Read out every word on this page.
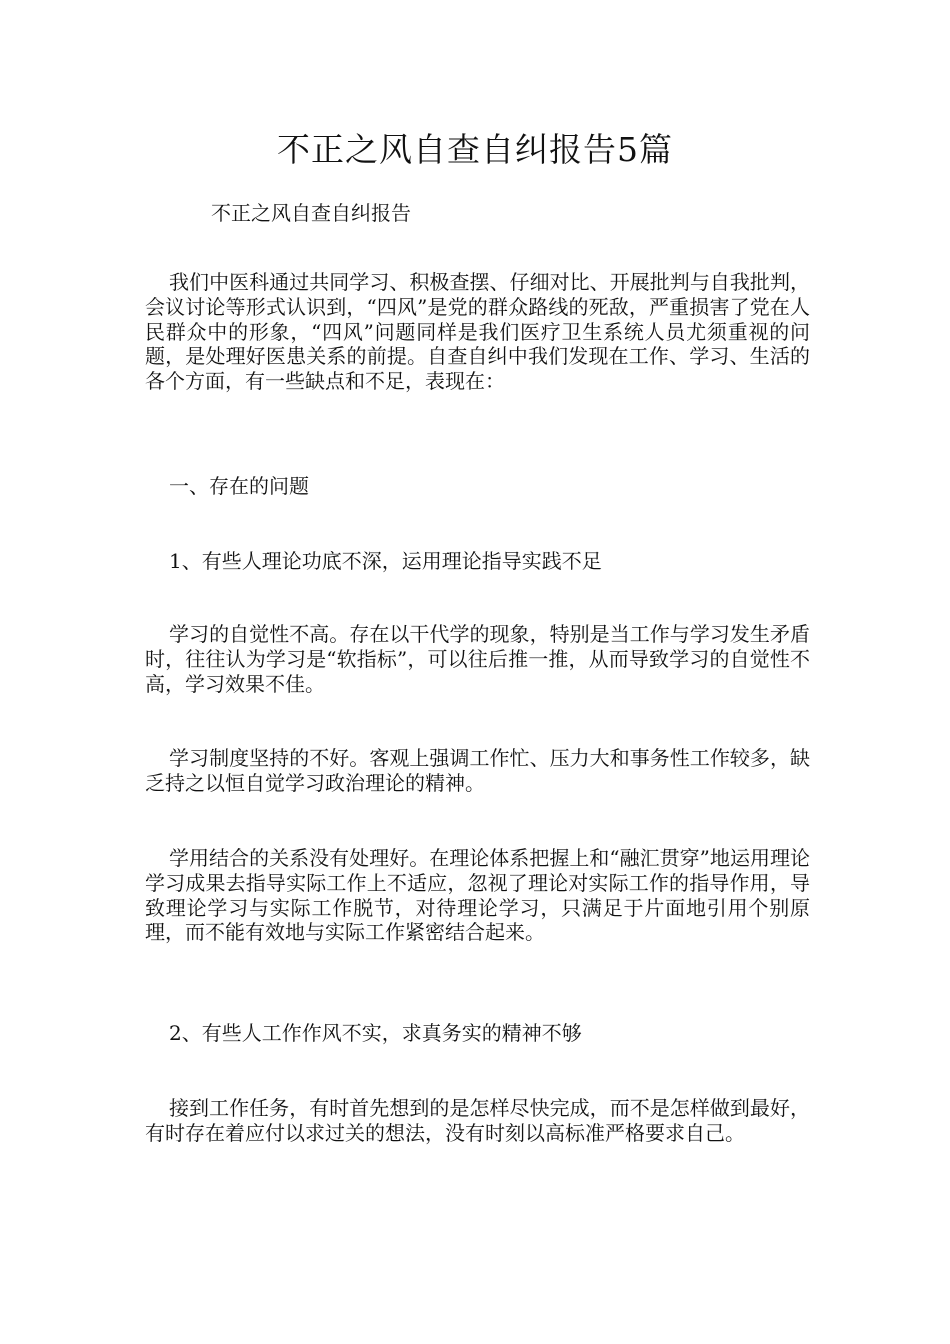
不正之风自查自纠报告5篇

不正之风自查自纠报告

我们中医科通过共同学习、积极查摆、仔细对比、开展批判与自我批判，会议讨论等形式认识到，“四风”是党的群众路线的死敌，严重损害了党在人民群众中的形象，“四风”问题同样是我们医疗卫生系统人员尤须重视的问题，是处理好医患关系的前提。自查自纠中我们发现在工作、学习、生活的各个方面，有一些缺点和不足，表现在：

一、存在的问题

1、有些人理论功底不深，运用理论指导实践不足

学习的自觉性不高。存在以干代学的现象，特别是当工作与学习发生矛盾时，往往认为学习是“软指标”，可以往后推一推，从而导致学习的自觉性不高，学习效果不佳。

学习制度坚持的不好。客观上强调工作忙、压力大和事务性工作较多，缺乏持之以恒自觉学习政治理论的精神。

学用结合的关系没有处理好。在理论体系把握上和“融汇贯穿”地运用理论学习成果去指导实际工作上不适应，忽视了理论对实际工作的指导作用，导致理论学习与实际工作脱节，对待理论学习，只满足于片面地引用个别原理，而不能有效地与实际工作紧密结合起来。

2、有些人工作作风不实，求真务实的精神不够

接到工作任务，有时首先想到的是怎样尽快完成，而不是怎样做到最好，有时存在着应付以求过关的想法，没有时刻以高标准严格要求自己。
